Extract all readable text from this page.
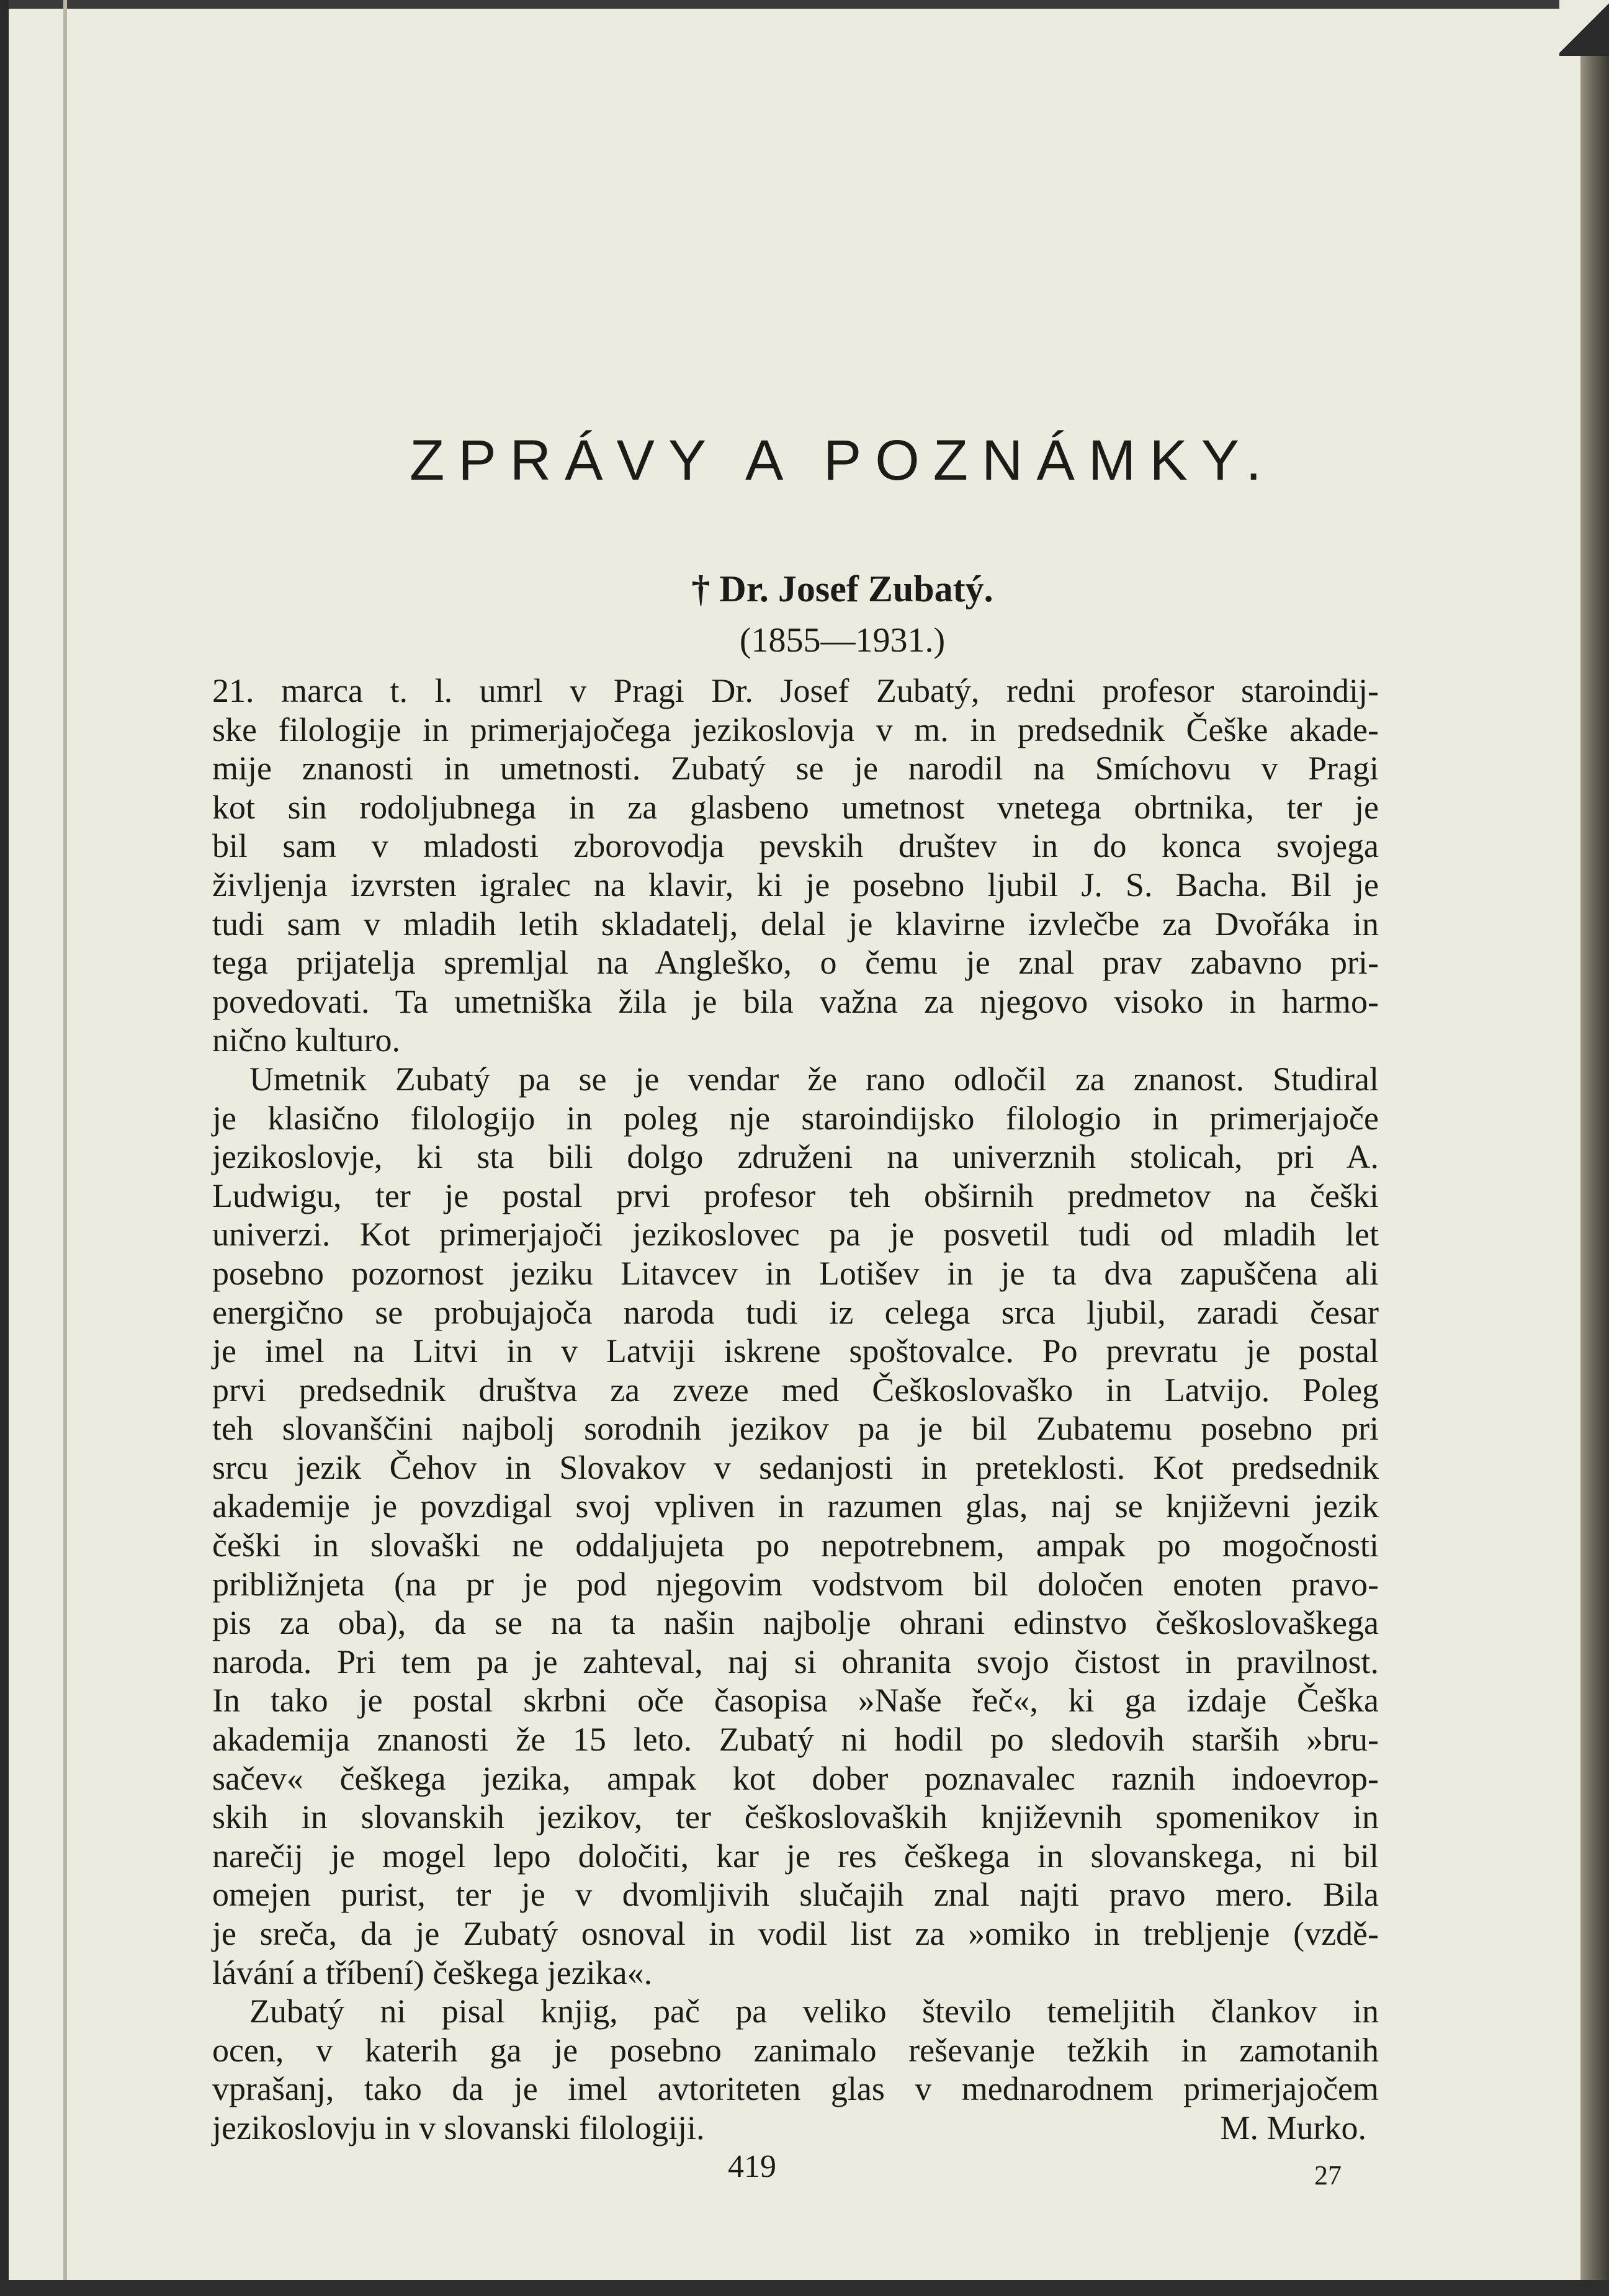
ZPRÁVY A POZNÁMKY.
† Dr. Josef Zubatý.
(1855—1931.)
21. marca t. l. umrl v Pragi Dr. Josef Zubatý, redni profesor staroindij-
ske filologije in primerjajočega jezikoslovja v m. in predsednik Češke akade-
mije znanosti in umetnosti. Zubatý se je narodil na Smíchovu v Pragi
kot sin rodoljubnega in za glasbeno umetnost vnetega obrtnika, ter je
bil sam v mladosti zborovodja pevskih društev in do konca svojega
življenja izvrsten igralec na klavir, ki je posebno ljubil J. S. Bacha. Bil je
tudi sam v mladih letih skladatelj, delal je klavirne izvlečbe za Dvořáka in
tega prijatelja spremljal na Angleško, o čemu je znal prav zabavno pri-
povedovati. Ta umetniška žila je bila važna za njegovo visoko in harmo-
nično kulturo.
Umetnik Zubatý pa se je vendar že rano odločil za znanost. Studiral
je klasično filologijo in poleg nje staroindijsko filologio in primerjajoče
jezikoslovje, ki sta bili dolgo združeni na univerznih stolicah, pri A.
Ludwigu, ter je postal prvi profesor teh obširnih predmetov na češki
univerzi. Kot primerjajoči jezikoslovec pa je posvetil tudi od mladih let
posebno pozornost jeziku Litavcev in Lotišev in je ta dva zapuščena ali
energično se probujajoča naroda tudi iz celega srca ljubil, zaradi česar
je imel na Litvi in v Latviji iskrene spoštovalce. Po prevratu je postal
prvi predsednik društva za zveze med Češkoslovaško in Latvijo. Poleg
teh slovanščini najbolj sorodnih jezikov pa je bil Zubatemu posebno pri
srcu jezik Čehov in Slovakov v sedanjosti in preteklosti. Kot predsednik
akademije je povzdigal svoj vpliven in razumen glas, naj se književni jezik
češki in slovaški ne oddaljujeta po nepotrebnem, ampak po mogočnosti
približnjeta (na pr je pod njegovim vodstvom bil določen enoten pravo-
pis za oba), da se na ta našin najbolje ohrani edinstvo češkoslovaškega
naroda. Pri tem pa je zahteval, naj si ohranita svojo čistost in pravilnost.
In tako je postal skrbni oče časopisa »Naše řeč«, ki ga izdaje Češka
akademija znanosti že 15 leto. Zubatý ni hodil po sledovih starših »bru-
sačev« češkega jezika, ampak kot dober poznavalec raznih indoevrop-
skih in slovanskih jezikov, ter češkoslovaških književnih spomenikov in
narečij je mogel lepo določiti, kar je res češkega in slovanskega, ni bil
omejen purist, ter je v dvomljivih slučajih znal najti pravo mero. Bila
je sreča, da je Zubatý osnoval in vodil list za »omiko in trebljenje (vzdě-
lávání a tříbení) češkega jezika«.
Zubatý ni pisal knjig, pač pa veliko število temeljitih člankov in
ocen, v katerih ga je posebno zanimalo reševanje težkih in zamotanih
vprašanj, tako da je imel avtoriteten glas v mednarodnem primerjajočem
jezikoslovju in v slovanski filologiji.	M. Murko.
419	27
